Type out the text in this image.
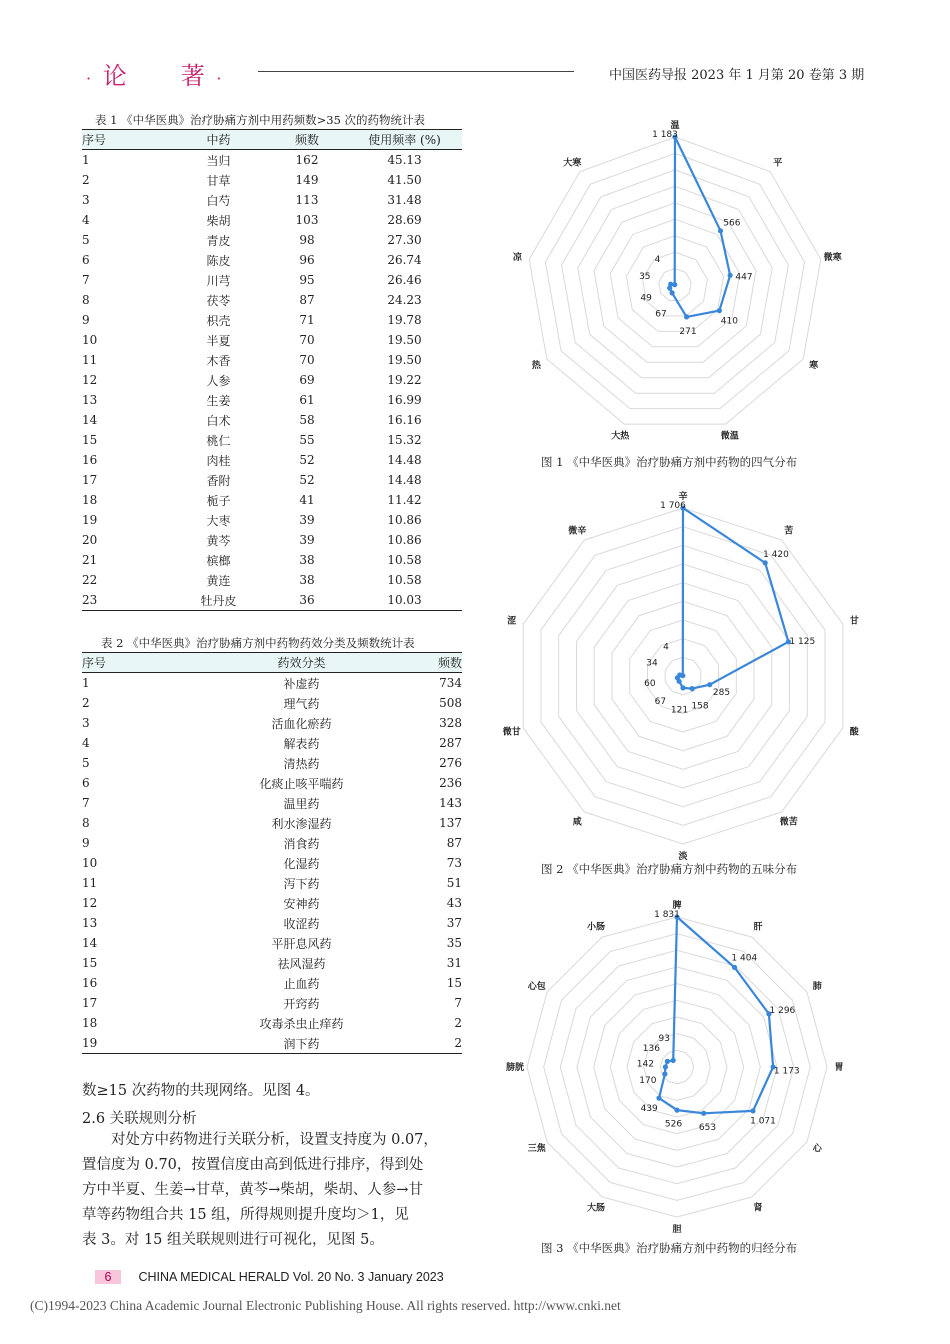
· 论　　著 ·	中国医药导报 2023 年 1 月第 20 卷第 3 期
表 1 《中华医典》治疗胁痛方剂中用药频数>35 次的药物统计表
序号	中药	频数	使用频率 (%)
1	当归	162	45.13
2	甘草	149	41.50
3	白芍	113	31.48
4	柴胡	103	28.69
5	青皮	98	27.30
6	陈皮	96	26.74
7	川芎	95	26.46
8	茯苓	87	24.23
9	枳壳	71	19.78
10	半夏	70	19.50
11	木香	70	19.50
12	人参	69	19.22
13	生姜	61	16.99
14	白术	58	16.16
15	桃仁	55	15.32
16	肉桂	52	14.48
17	香附	52	14.48
18	栀子	41	11.42
19	大枣	39	10.86
20	黄芩	39	10.86
21	槟榔	38	10.58
22	黄连	38	10.58
23	牡丹皮	36	10.03
表 2 《中华医典》治疗胁痛方剂中药物药效分类及频数统计表
序号	药效分类	频数
1	补虚药	734
2	理气药	508
3	活血化瘀药	328
4	解表药	287
5	清热药	276
6	化痰止咳平喘药	236
7	温里药	143
8	利水渗湿药	137
9	消食药	87
10	化湿药	73
11	泻下药	51
12	安神药	43
13	收涩药	37
14	平肝息风药	35
15	祛风湿药	31
16	止血药	15
17	开窍药	7
18	攻毒杀虫止痒药	2
19	润下药	2
数≥15 次药物的共现网络。见图 4。
2.6 关联规则分析
　　对处方中药物进行关联分析，设置支持度为 0.07，
置信度为 0.70，按置信度由高到低进行排序，得到处
方中半夏、生姜→甘草，黄芩→柴胡，柴胡、人参→甘
草等药物组合共 15 组，所得规则提升度均＞1，见
表 3。对 15 组关联规则进行可视化，见图 5。
温
平
微寒
寒
微温
大热
热
凉
大寒
1 183
566
447
410
271
67
49
35
4
图 1 《中华医典》治疗胁痛方剂中药物的四气分布
辛
苦
甘
酸
微苦
淡
咸
微甘
涩
微辛
1 706
1 420
1 125
285
158
121
67
60
34
4
图 2 《中华医典》治疗胁痛方剂中药物的五味分布
脾
肝
肺
胃
心
肾
胆
大肠
三焦
膀胱
心包
小肠
1 831
1 404
1 296
1 173
1 071
653
526
439
170
142
136
93
图 3 《中华医典》治疗胁痛方剂中药物的归经分布
6 CHINA MEDICAL HERALD Vol. 20 No. 3 January 2023
(C)1994-2023 China Academic Journal Electronic Publishing House. All rights reserved. http://www.cnki.net
